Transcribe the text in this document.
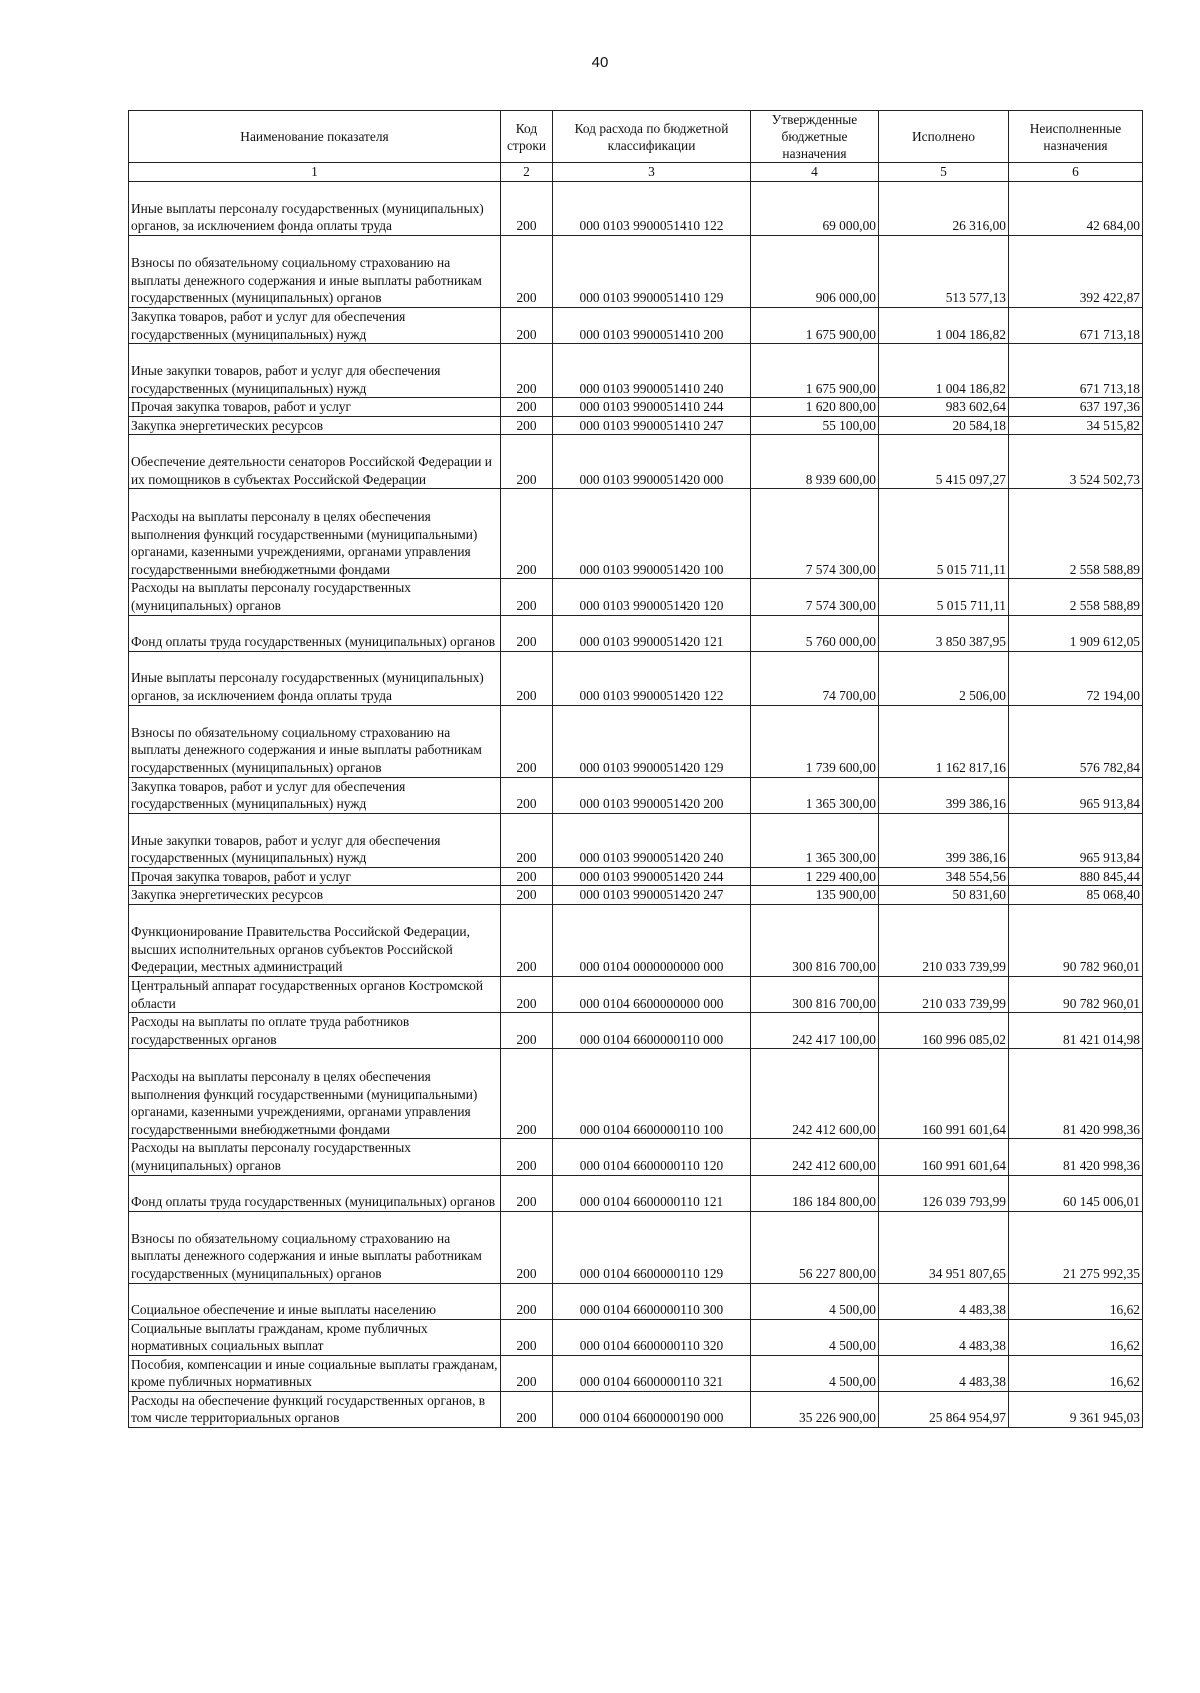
40
Наименование показателя	Код строки	Код расхода по бюджетной классификации	Утвержденные бюджетные назначения	Исполнено	Неисполненные назначения
1	2	3	4	5	6
Иные выплаты персоналу государственных (муниципальных) органов, за исключением фонда оплаты труда	200	000 0103 9900051410 122	69 000,00	26 316,00	42 684,00
Взносы по обязательному социальному страхованию на выплаты денежного содержания и иные выплаты работникам государственных (муниципальных) органов	200	000 0103 9900051410 129	906 000,00	513 577,13	392 422,87
Закупка товаров, работ и услуг для обеспечения государственных (муниципальных) нужд	200	000 0103 9900051410 200	1 675 900,00	1 004 186,82	671 713,18
Иные закупки товаров, работ и услуг для обеспечения государственных (муниципальных) нужд	200	000 0103 9900051410 240	1 675 900,00	1 004 186,82	671 713,18
Прочая закупка товаров, работ и услуг	200	000 0103 9900051410 244	1 620 800,00	983 602,64	637 197,36
Закупка энергетических ресурсов	200	000 0103 9900051410 247	55 100,00	20 584,18	34 515,82
Обеспечение деятельности сенаторов Российской Федерации и их помощников в субъектах Российской Федерации	200	000 0103 9900051420 000	8 939 600,00	5 415 097,27	3 524 502,73
Расходы на выплаты персоналу в целях обеспечения выполнения функций государственными (муниципальными) органами, казенными учреждениями, органами управления государственными внебюджетными фондами	200	000 0103 9900051420 100	7 574 300,00	5 015 711,11	2 558 588,89
Расходы на выплаты персоналу государственных (муниципальных) органов	200	000 0103 9900051420 120	7 574 300,00	5 015 711,11	2 558 588,89
Фонд оплаты труда государственных (муниципальных) органов	200	000 0103 9900051420 121	5 760 000,00	3 850 387,95	1 909 612,05
Иные выплаты персоналу государственных (муниципальных) органов, за исключением фонда оплаты труда	200	000 0103 9900051420 122	74 700,00	2 506,00	72 194,00
Взносы по обязательному социальному страхованию на выплаты денежного содержания и иные выплаты работникам государственных (муниципальных) органов	200	000 0103 9900051420 129	1 739 600,00	1 162 817,16	576 782,84
Закупка товаров, работ и услуг для обеспечения государственных (муниципальных) нужд	200	000 0103 9900051420 200	1 365 300,00	399 386,16	965 913,84
Иные закупки товаров, работ и услуг для обеспечения государственных (муниципальных) нужд	200	000 0103 9900051420 240	1 365 300,00	399 386,16	965 913,84
Прочая закупка товаров, работ и услуг	200	000 0103 9900051420 244	1 229 400,00	348 554,56	880 845,44
Закупка энергетических ресурсов	200	000 0103 9900051420 247	135 900,00	50 831,60	85 068,40
Функционирование Правительства Российской Федерации, высших исполнительных органов субъектов Российской Федерации, местных администраций	200	000 0104 0000000000 000	300 816 700,00	210 033 739,99	90 782 960,01
Центральный аппарат государственных органов Костромской области	200	000 0104 6600000000 000	300 816 700,00	210 033 739,99	90 782 960,01
Расходы на выплаты по оплате труда работников государственных органов	200	000 0104 6600000110 000	242 417 100,00	160 996 085,02	81 421 014,98
Расходы на выплаты персоналу в целях обеспечения выполнения функций государственными (муниципальными) органами, казенными учреждениями, органами управления государственными внебюджетными фондами	200	000 0104 6600000110 100	242 412 600,00	160 991 601,64	81 420 998,36
Расходы на выплаты персоналу государственных (муниципальных) органов	200	000 0104 6600000110 120	242 412 600,00	160 991 601,64	81 420 998,36
Фонд оплаты труда государственных (муниципальных) органов	200	000 0104 6600000110 121	186 184 800,00	126 039 793,99	60 145 006,01
Взносы по обязательному социальному страхованию на выплаты денежного содержания и иные выплаты работникам государственных (муниципальных) органов	200	000 0104 6600000110 129	56 227 800,00	34 951 807,65	21 275 992,35
Социальное обеспечение и иные выплаты населению	200	000 0104 6600000110 300	4 500,00	4 483,38	16,62
Социальные выплаты гражданам, кроме публичных нормативных социальных выплат	200	000 0104 6600000110 320	4 500,00	4 483,38	16,62
Пособия, компенсации и иные социальные выплаты гражданам, кроме публичных нормативных	200	000 0104 6600000110 321	4 500,00	4 483,38	16,62
Расходы на обеспечение функций государственных органов, в том числе территориальных органов	200	000 0104 6600000190 000	35 226 900,00	25 864 954,97	9 361 945,03
